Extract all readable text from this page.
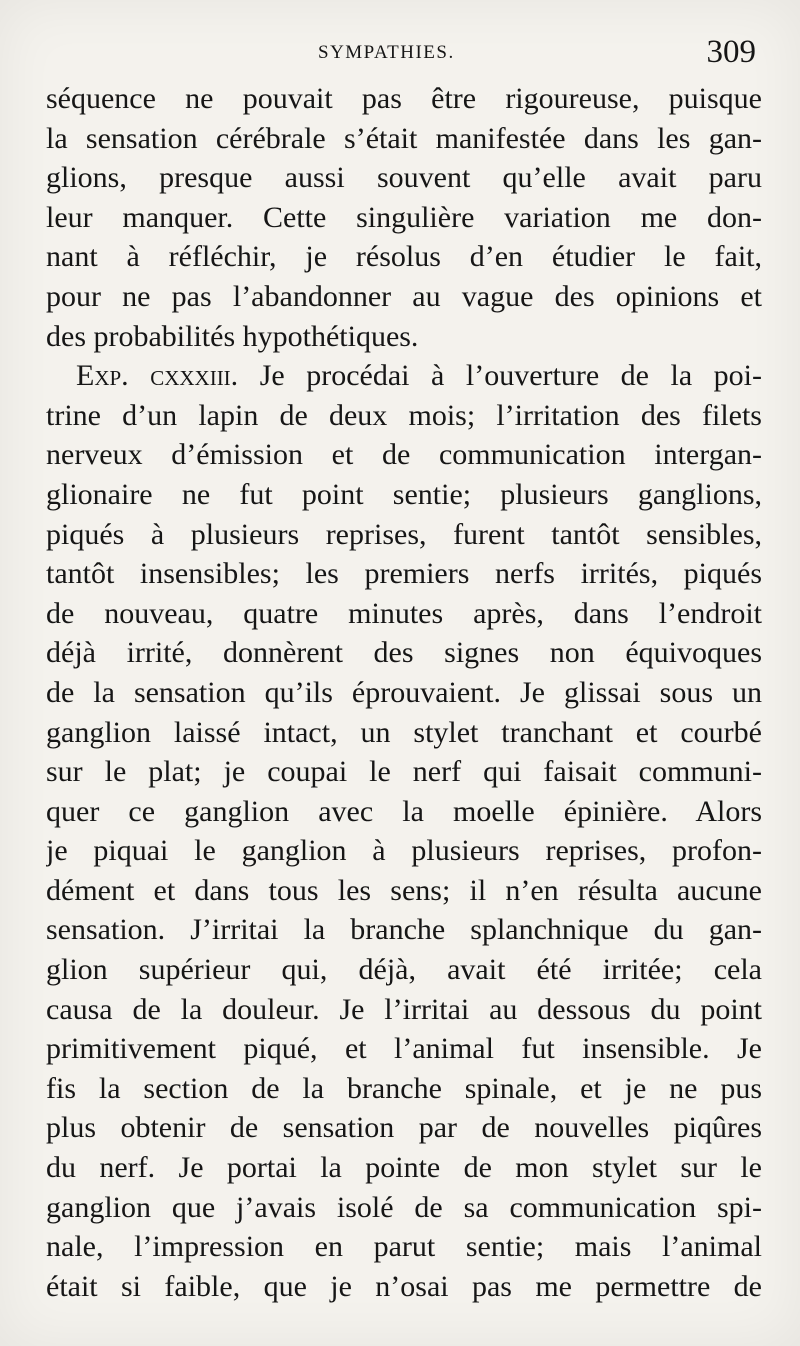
SYMPATHIES.	309
séquence ne pouvait pas être rigoureuse, puisque
la sensation cérébrale s’était manifestée dans les gan-
glions, presque aussi souvent qu’elle avait paru
leur manquer. Cette singulière variation me don-
nant à réfléchir, je résolus d’en étudier le fait,
pour ne pas l’abandonner au vague des opinions et
des probabilités hypothétiques.
Exp. cxxxiii. Je procédai à l’ouverture de la poi-
trine d’un lapin de deux mois; l’irritation des filets
nerveux d’émission et de communication intergan-
glionaire ne fut point sentie; plusieurs ganglions,
piqués à plusieurs reprises, furent tantôt sensibles,
tantôt insensibles; les premiers nerfs irrités, piqués
de nouveau, quatre minutes après, dans l’endroit
déjà irrité, donnèrent des signes non équivoques
de la sensation qu’ils éprouvaient. Je glissai sous un
ganglion laissé intact, un stylet tranchant et courbé
sur le plat; je coupai le nerf qui faisait communi-
quer ce ganglion avec la moelle épinière. Alors
je piquai le ganglion à plusieurs reprises, profon-
dément et dans tous les sens; il n’en résulta aucune
sensation. J’irritai la branche splanchnique du gan-
glion supérieur qui, déjà, avait été irritée; cela
causa de la douleur. Je l’irritai au dessous du point
primitivement piqué, et l’animal fut insensible. Je
fis la section de la branche spinale, et je ne pus
plus obtenir de sensation par de nouvelles piqûres
du nerf. Je portai la pointe de mon stylet sur le
ganglion que j’avais isolé de sa communication spi-
nale, l’impression en parut sentie; mais l’animal
était si faible, que je n’osai pas me permettre de
